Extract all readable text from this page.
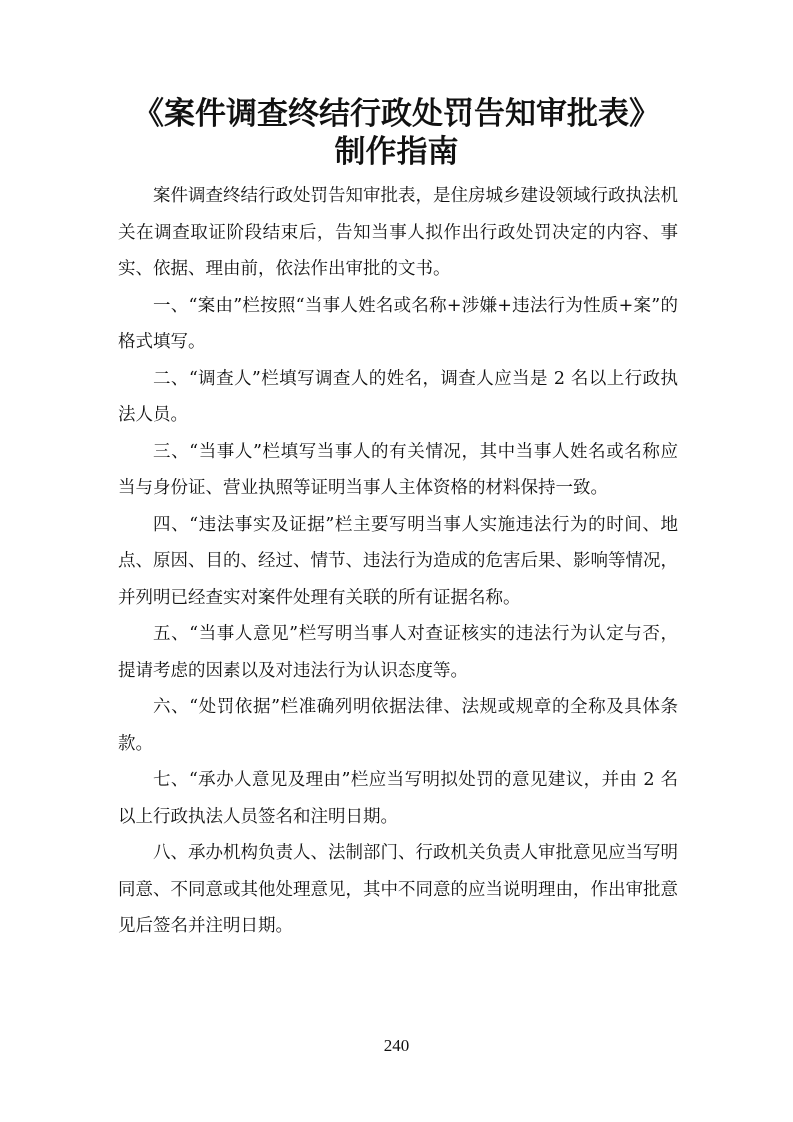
《案件调查终结行政处罚告知审批表》
制作指南

案件调查终结行政处罚告知审批表，是住房城乡建设领域行政执法机关在调查取证阶段结束后，告知当事人拟作出行政处罚决定的内容、事实、依据、理由前，依法作出审批的文书。

一、“案由”栏按照“当事人姓名或名称+涉嫌+违法行为性质+案”的格式填写。

二、“调查人”栏填写调查人的姓名，调查人应当是 2 名以上行政执法人员。

三、“当事人”栏填写当事人的有关情况，其中当事人姓名或名称应当与身份证、营业执照等证明当事人主体资格的材料保持一致。

四、“违法事实及证据”栏主要写明当事人实施违法行为的时间、地点、原因、目的、经过、情节、违法行为造成的危害后果、影响等情况，并列明已经查实对案件处理有关联的所有证据名称。

五、“当事人意见”栏写明当事人对查证核实的违法行为认定与否，提请考虑的因素以及对违法行为认识态度等。

六、“处罚依据”栏准确列明依据法律、法规或规章的全称及具体条款。

七、“承办人意见及理由”栏应当写明拟处罚的意见建议，并由 2 名以上行政执法人员签名和注明日期。

八、承办机构负责人、法制部门、行政机关负责人审批意见应当写明同意、不同意或其他处理意见，其中不同意的应当说明理由，作出审批意见后签名并注明日期。

240
